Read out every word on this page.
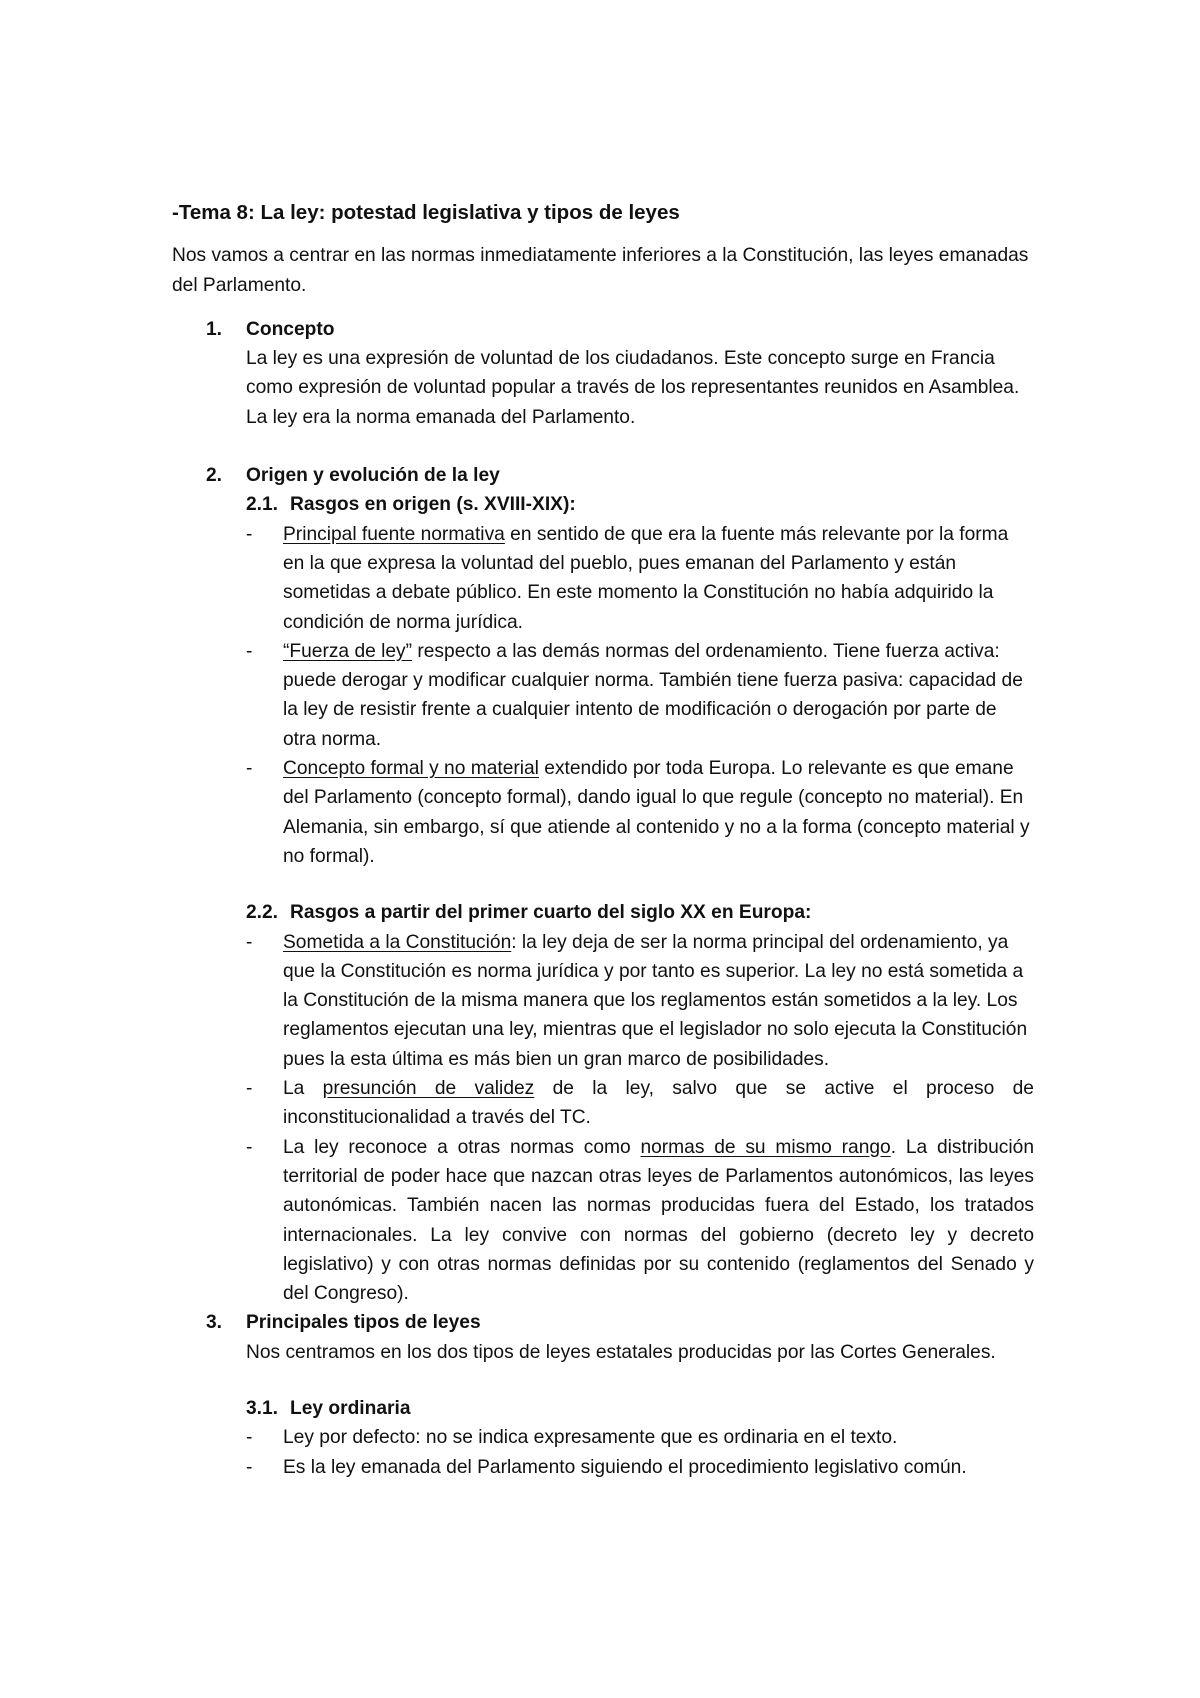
-Tema 8: La ley: potestad legislativa y tipos de leyes

Nos vamos a centrar en las normas inmediatamente inferiores a la Constitución, las leyes emanadas del Parlamento.

1. Concepto
La ley es una expresión de voluntad de los ciudadanos. Este concepto surge en Francia como expresión de voluntad popular a través de los representantes reunidos en Asamblea. La ley era la norma emanada del Parlamento.
2. Origen y evolución de la ley
2.1. Rasgos en origen (s. XVIII-XIX):
- Principal fuente normativa en sentido de que era la fuente más relevante por la forma en la que expresa la voluntad del pueblo, pues emanan del Parlamento y están sometidas a debate público. En este momento la Constitución no había adquirido la condición de norma jurídica.
- “Fuerza de ley” respecto a las demás normas del ordenamiento. Tiene fuerza activa: puede derogar y modificar cualquier norma. También tiene fuerza pasiva: capacidad de la ley de resistir frente a cualquier intento de modificación o derogación por parte de otra norma.
- Concepto formal y no material extendido por toda Europa. Lo relevante es que emane del Parlamento (concepto formal), dando igual lo que regule (concepto no material). En Alemania, sin embargo, sí que atiende al contenido y no a la forma (concepto material y no formal).
2.2. Rasgos a partir del primer cuarto del siglo XX en Europa:
- Sometida a la Constitución: la ley deja de ser la norma principal del ordenamiento, ya que la Constitución es norma jurídica y por tanto es superior. La ley no está sometida a la Constitución de la misma manera que los reglamentos están sometidos a la ley. Los reglamentos ejecutan una ley, mientras que el legislador no solo ejecuta la Constitución pues la esta última es más bien un gran marco de posibilidades.
- La presunción de validez de la ley, salvo que se active el proceso de inconstitucionalidad a través del TC.
- La ley reconoce a otras normas como normas de su mismo rango. La distribución territorial de poder hace que nazcan otras leyes de Parlamentos autonómicos, las leyes autonómicas. También nacen las normas producidas fuera del Estado, los tratados internacionales. La ley convive con normas del gobierno (decreto ley y decreto legislativo) y con otras normas definidas por su contenido (reglamentos del Senado y del Congreso).
3. Principales tipos de leyes
Nos centramos en los dos tipos de leyes estatales producidas por las Cortes Generales.
3.1. Ley ordinaria
- Ley por defecto: no se indica expresamente que es ordinaria en el texto.
- Es la ley emanada del Parlamento siguiendo el procedimiento legislativo común.
